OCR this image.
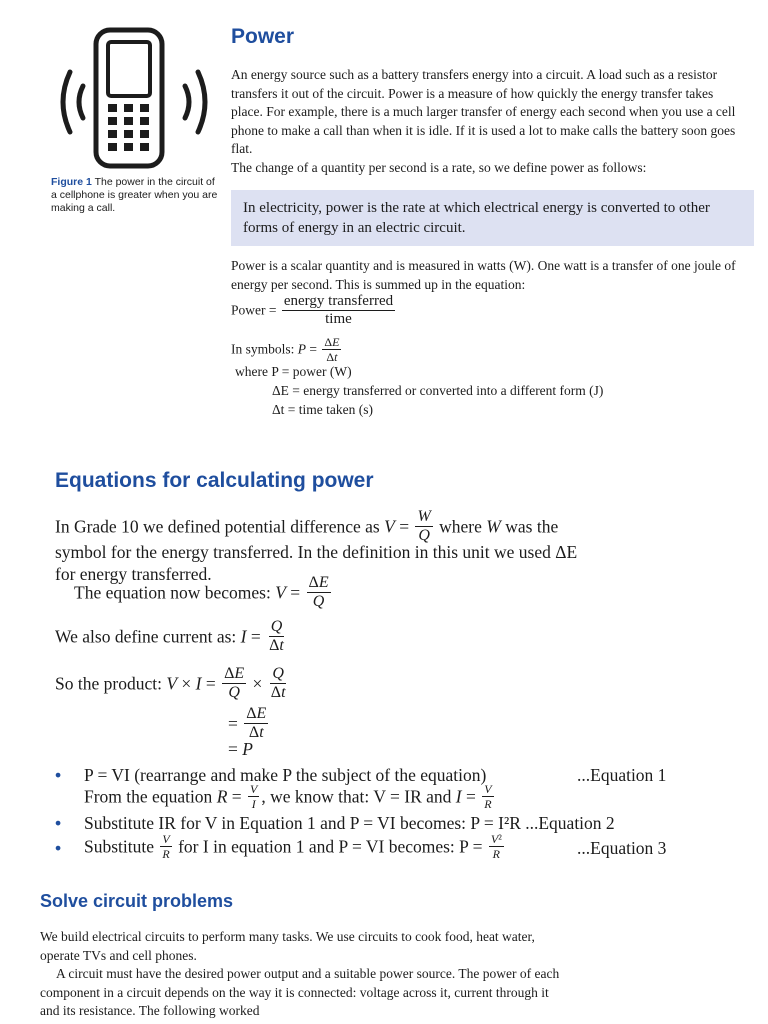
Figure 1 The power in the circuit of a cellphone is greater when you are making a call.
Power
An energy source such as a battery transfers energy into a circuit. A load such as a resistor transfers it out of the circuit. Power is a measure of how quickly the energy transfer takes place. For example, there is a much larger transfer of energy each second when you use a cell phone to make a call than when it is idle. If it is used a lot to make calls the battery soon goes flat.
The change of a quantity per second is a rate, so we define power as follows:
In electricity, power is the rate at which electrical energy is converted to other forms of energy in an electric circuit.
Power is a scalar quantity and is measured in watts (W). One watt is a transfer of one joule of energy per second. This is summed up in the equation:
Power = $\frac{\text{energy transferred}}{\text{time}}$
In symbols: $P = \frac{\Delta E}{\Delta t}$
where P = power (W)
ΔE = energy transferred or converted into a different form (J)
Δt = time taken (s)
Equations for calculating power
In Grade 10 we defined potential difference as $V = \frac{W}{Q}$ where W was the
symbol for the energy transferred. In the definition in this unit we used ΔE
for energy transferred.
The equation now becomes: $V = \frac{\Delta E}{Q}$
We also define current as: $I = \frac{Q}{\Delta t}$
So the product: $V \times I = \frac{\Delta E}{Q} \times \frac{Q}{\Delta t}$
= $\frac{\Delta E}{\Delta t}$
= P
• P = VI (rearrange and make P the subject of the equation)	...Equation 1
From the equation $R = \frac{V}{I}$ , we know that: V = IR and $I = \frac{V}{R}$
• Substitute IR for V in Equation 1 and P = VI becomes: P = I²R ...Equation 2
• Substitute $\frac{V}{R}$ for I in equation 1 and P = VI becomes: $P = \frac{\text{V²}}{R}$	...Equation 3
Solve circuit problems
We build electrical circuits to perform many tasks. We use circuits to cook food, heat water, operate TVs and cell phones.
A circuit must have the desired power output and a suitable power source. The power of each component in a circuit depends on the way it is connected: voltage across it, current through it and its resistance. The following worked
